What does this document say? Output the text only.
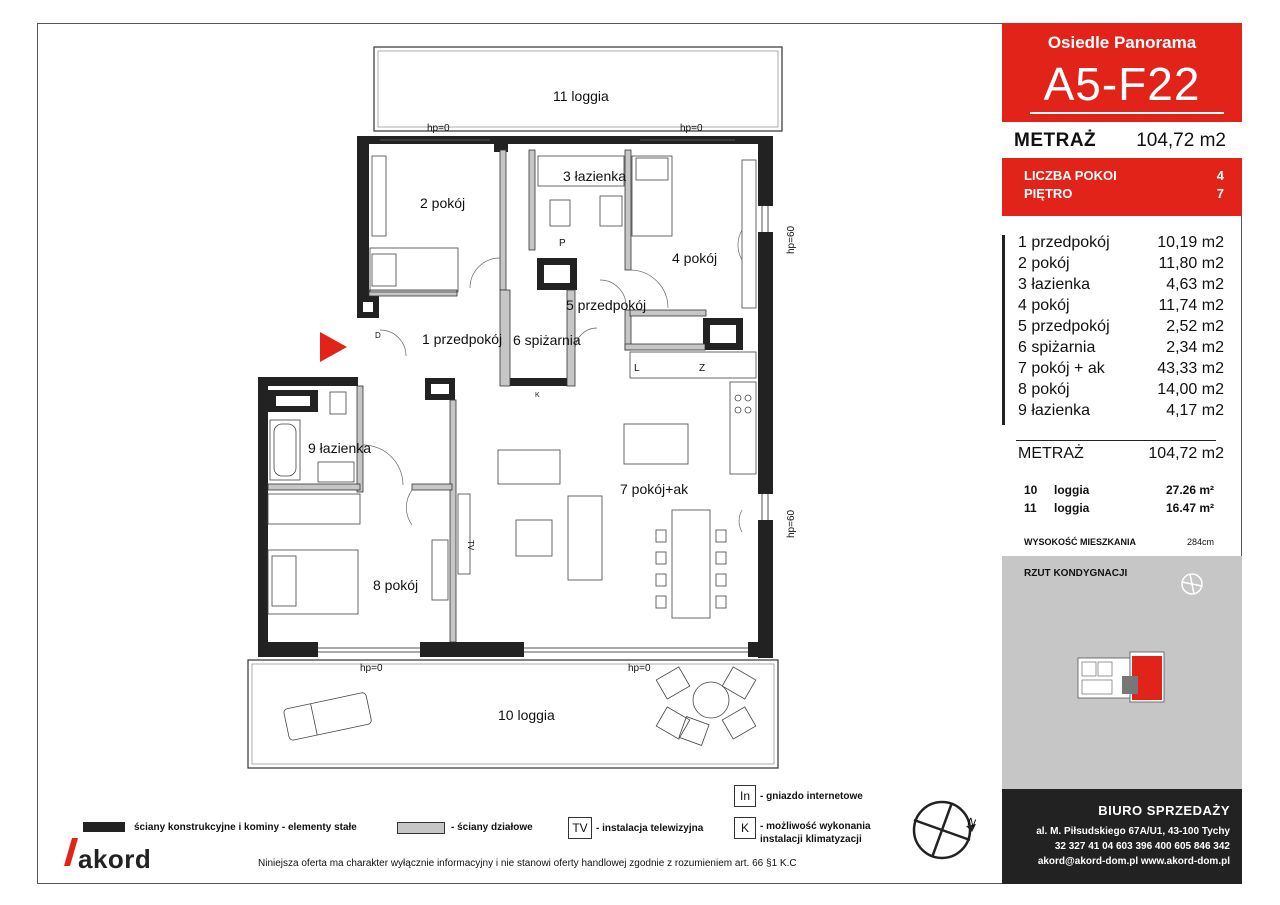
11 loggia
10 loggia
2 pokój
3 łazienka
4 pokój
5 przedpokój
1 przedpokój 6 spiżarnia
9 łazienka
7 pokój+ak
8 pokój
hp=0	hp=0
hp=0	hp=0
hp=60
hp=60
P
L	Z
D
K
TV
N
Osiedle Panorama
A5-F22
METRAŻ 104,72 m2
LICZBA POKOI	4
PIĘTRO	7
1 przedpokój	10,19 m2
2 pokój	11,80 m2
3 łazienka	4,63 m2
4 pokój	11,74 m2
5 przedpokój	2,52 m2
6 spiżarnia	2,34 m2
7 pokój + ak	43,33 m2
8 pokój	14,00 m2
9 łazienka	4,17 m2
METRAŻ	104,72 m2
10 loggia	27.26 m²
11 loggia	16.47 m²
WYSOKOŚĆ MIESZKANIA	284cm
RZUT KONDYGNACJI
BIURO SPRZEDAŻY
al. M. Piłsudskiego 67A/U1, 43-100 Tychy
32 327 41 04 603 396 400 605 846 342
akord@akord-dom.pl www.akord-dom.pl
ściany konstrukcyjne i kominy - elementy stałe	- ściany działowe	TV - instalacja telewizyjna
In	- gniazdo internetowe
K	- możliwość wykonania
instalacji klimatyzacji
Niniejsza oferta ma charakter wyłącznie informacyjny i nie stanowi oferty handlowej zgodnie z rozumieniem art. 66 §1 K.C
akord
